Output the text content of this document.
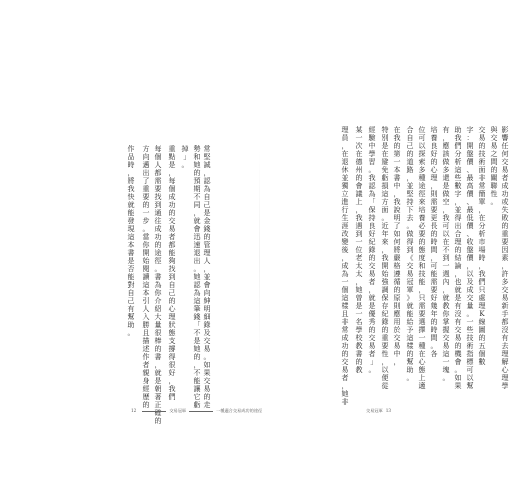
影響任何交易者成功或失敗的重要因素，許多交易新手都沒有去理解心理學
與交易之間的關聯性。
交易的技術面非常簡單，在分析市場時，我們只處理K線圖的五個數
字：開盤價、最高價、最低價、收盤價，以及成交量。一些技術指標可以幫
助我們分析這些數字，並得出合理的結論，也就是有沒有交易的機會。如果
有，應該做多還是做空，我可以在不到一週內，就教你掌握交易這一塊。
培養良好的心理，則需要更長的時間，可能需要好幾年的時間。各
位可以探索多種途徑來培養必要的態度和技能，只需要選擇一種在心態上適
合自己的道路，並堅持下去。做得到《交易冠軍》就能給予這樣的幫助。
在我的第一本書中，我說明了如何將嚴格遵循的原則應用於交易中，
特別是在避免虧損這方面。近年來，我開始強調保存紀錄的重要性，以便從
經驗中學習。我認為「保持良好紀錄的交易者，就是優秀的交易者」。
某一次在德州的會議上，我遇到一位老太太，她曾是一名學校教書的教
理員，在退休並獨立進行生涯改變後，成為一個這樣且非常成功的交易者，她非
常堅誠，認為自己是金錢的管理人，並會向紳明細錄及交易。如果交易的走
勢和她的預期不同，就會迅速退出。她認為這筆錢「不是她的，不能讓它虧
掉」。
重點是，每個成功的交易者都能夠找到自己的心理狀態支撐得很好，我們
每個人都需要找到通往成功的途徑。書為你介紹大量很棒的書，就是朝著正確的
方向邁出了重要的一步。當你開始閱讀這本引人入勝且描述作者親身經歷的
作品時，將我快就能發現這本書是否能對自己有幫助。
12	交易冠軍	一種適合交易成功的途徑	交易冠軍 13
